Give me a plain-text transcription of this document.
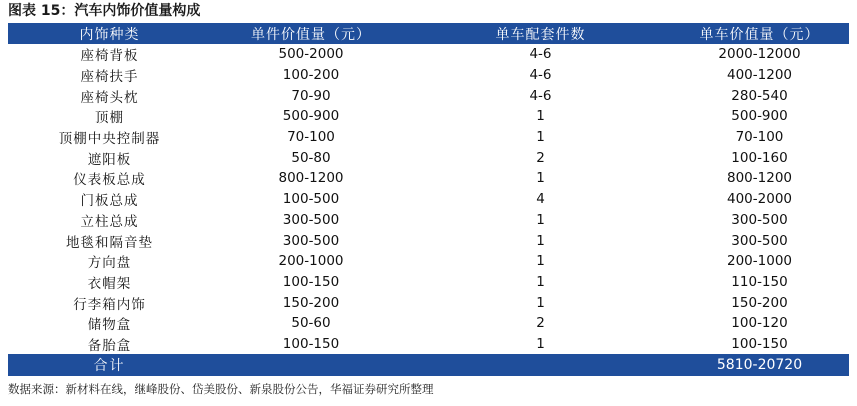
图表 15：汽车内饰价值量构成
内饰种类	单件价值量（元）	单车配套件数	单车价值量（元）
座椅背板	500-2000	4-6	2000-12000
座椅扶手	100-200	4-6	400-1200
座椅头枕	70-90	4-6	280-540
顶棚	500-900	1	500-900
顶棚中央控制器	70-100	1	70-100
遮阳板	50-80	2	100-160
仪表板总成	800-1200	1	800-1200
门板总成	100-500	4	400-2000
立柱总成	300-500	1	300-500
地毯和隔音垫	300-500	1	300-500
方向盘	200-1000	1	200-1000
衣帽架	100-150	1	110-150
行李箱内饰	150-200	1	150-200
储物盒	50-60	2	100-120
备胎盒	100-150	1	100-150
合计			5810-20720
数据来源：新材料在线，继峰股份、岱美股份、新泉股份公告，华福证券研究所整理
